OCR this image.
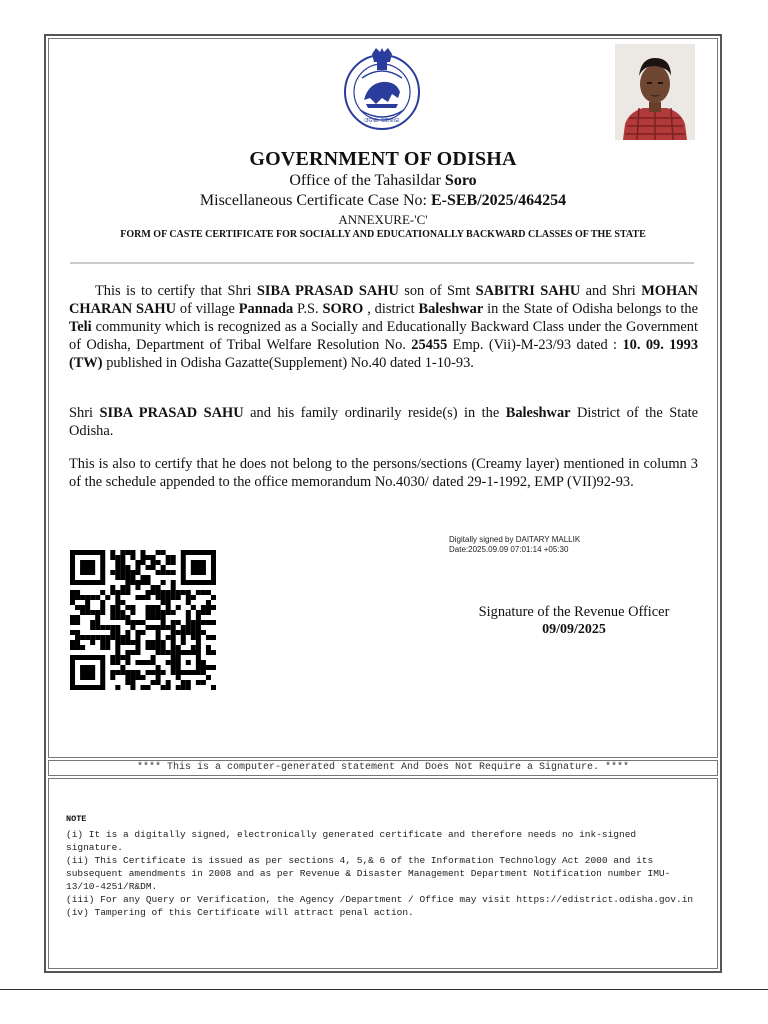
ଓଡ଼ିଶା ସରକାର
GOVERNMENT OF ODISHA
Office of the Tahasildar Soro
Miscellaneous Certificate Case No: E-SEB/2025/464254
ANNEXURE-'C'
FORM OF CASTE CERTIFICATE FOR SOCIALLY AND EDUCATIONALLY BACKWARD CLASSES OF THE STATE

This is to certify that Shri SIBA PRASAD SAHU son of Smt SABITRI SAHU and Shri MOHAN CHARAN SAHU of village Pannada P.S. SORO , district Baleshwar in the State of Odisha belongs to the Teli community which is recognized as a Socially and Educationally Backward Class under the Government of Odisha, Department of Tribal Welfare Resolution No. 25455 Emp. (Vii)-M-23/93 dated : 10. 09. 1993 (TW) published in Odisha Gazatte(Supplement) No.40 dated 1-10-93.

Shri SIBA PRASAD SAHU and his family ordinarily reside(s) in the Baleshwar District of the State Odisha.

This is also to certify that he does not belong to the persons/sections (Creamy layer) mentioned in column 3 of the schedule appended to the office memorandum No.4030/ dated 29-1-1992, EMP (VII)92-93.

Digitally signed by DAITARY MALLIK
Date:2025.09.09 07:01:14 +05:30
Signature of the Revenue Officer
09/09/2025
**** This is a computer-generated statement And Does Not Require a Signature. ****
NOTE
(i) It is a digitally signed, electronically generated certificate and therefore needs no ink-signed signature.
(ii) This Certificate is issued as per sections 4, 5,& 6 of the Information Technology Act 2000 and its subsequent amendments in 2008 and as per Revenue & Disaster Management Department Notification number IMU-13/10-4251/R&DM.
(iii) For any Query or Verification, the Agency /Department / Office may visit https://edistrict.odisha.gov.in
(iv) Tampering of this Certificate will attract penal action.
